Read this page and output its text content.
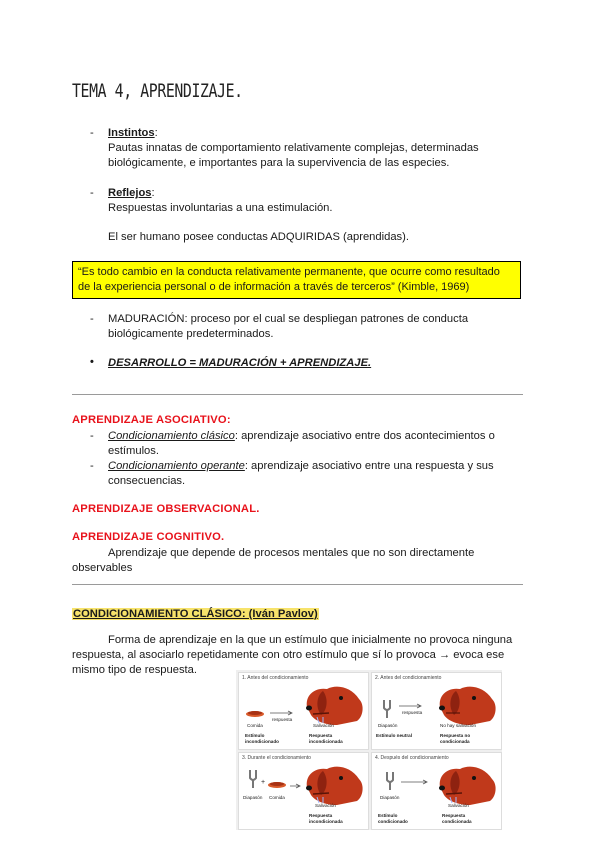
TEMA 4, APRENDIZAJE.
- Instintos:
Pautas innatas de comportamiento relativamente complejas, determinadas
biológicamente, e importantes para la supervivencia de las especies.
- Reflejos:
Respuestas involuntarias a una estimulación.
El ser humano posee conductas ADQUIRIDAS (aprendidas).
“Es todo cambio en la conducta relativamente permanente, que ocurre como resultado de la experiencia personal o de información a través de terceros” (Kimble, 1969)
- MADURACIÓN: proceso por el cual se despliegan patrones de conducta
biológicamente predeterminados.
• DESARROLLO = MADURACIÓN + APRENDIZAJE.
APRENDIZAJE ASOCIATIVO:
- Condicionamiento clásico: aprendizaje asociativo entre dos acontecimientos o
estímulos.
- Condicionamiento operante: aprendizaje asociativo entre una respuesta y sus
consecuencias.
APRENDIZAJE OBSERVACIONAL.
APRENDIZAJE COGNITIVO.
Aprendizaje que depende de procesos mentales que no son directamente
observables
CONDICIONAMIENTO CLÁSICO: (Iván Pavlov)
Forma de aprendizaje en la que un estímulo que inicialmente no provoca ninguna
respuesta, al asociarlo repetidamente con otro estímulo que sí lo provoca → evoca ese
mismo tipo de respuesta.
1. Antes del condicionamiento
respuesta
Comida	Salivación
Estímulo incondicionado
Respuesta incondicionada
2. Antes del condicionamiento
respuesta
Diapasón	No hay salivación
Estímulo neutral	Respuesta no condicionada
3. Durante el condicionamiento
+
Diapasón Comida
Salivación
Respuesta incondicionada
4. Después del condicionamiento
Diapasón
Salivación
Estímulo condicionado
Respuesta condicionada
